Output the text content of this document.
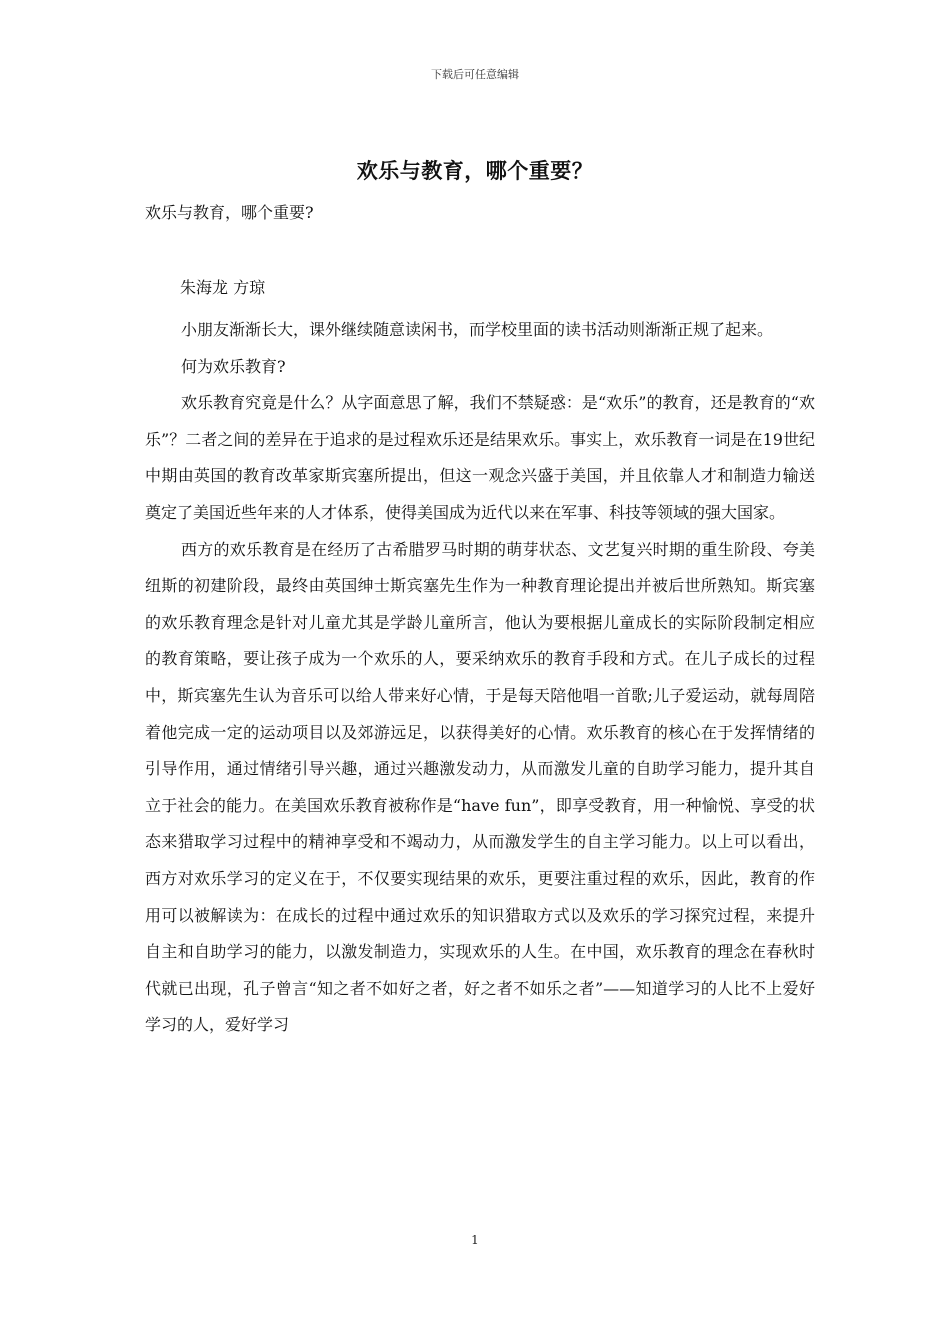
下载后可任意编辑
欢乐与教育，哪个重要？

欢乐与教育，哪个重要?

朱海龙 方琼

小朋友渐渐长大，课外继续随意读闲书，而学校里面的读书活动则渐渐正规了起来。

何为欢乐教育?

欢乐教育究竟是什么？从字面意思了解，我们不禁疑惑：是“欢乐”的教育，还是教育的“欢乐”？二者之间的差异在于追求的是过程欢乐还是结果欢乐。事实上，欢乐教育一词是在19世纪中期由英国的教育改革家斯宾塞所提出，但这一观念兴盛于美国，并且依靠人才和制造力输送奠定了美国近些年来的人才体系，使得美国成为近代以来在军事、科技等领域的强大国家。

西方的欢乐教育是在经历了古希腊罗马时期的萌芽状态、文艺复兴时期的重生阶段、夸美纽斯的初建阶段，最终由英国绅士斯宾塞先生作为一种教育理论提出并被后世所熟知。斯宾塞的欢乐教育理念是针对儿童尤其是学龄儿童所言，他认为要根据儿童成长的实际阶段制定相应的教育策略，要让孩子成为一个欢乐的人，要采纳欢乐的教育手段和方式。在儿子成长的过程中，斯宾塞先生认为音乐可以给人带来好心情，于是每天陪他唱一首歌;儿子爱运动，就每周陪着他完成一定的运动项目以及郊游远足，以获得美好的心情。欢乐教育的核心在于发挥情绪的引导作用，通过情绪引导兴趣，通过兴趣激发动力，从而激发儿童的自助学习能力，提升其自立于社会的能力。在美国欢乐教育被称作是“have fun”，即享受教育，用一种愉悦、享受的状态来猎取学习过程中的精神享受和不竭动力，从而激发学生的自主学习能力。以上可以看出，西方对欢乐学习的定义在于，不仅要实现结果的欢乐，更要注重过程的欢乐，因此，教育的作用可以被解读为：在成长的过程中通过欢乐的知识猎取方式以及欢乐的学习探究过程，来提升自主和自助学习的能力，以激发制造力，实现欢乐的人生。在中国，欢乐教育的理念在春秋时代就已出现，孔子曾言“知之者不如好之者，好之者不如乐之者”——知道学习的人比不上爱好学习的人，爱好学习

1
